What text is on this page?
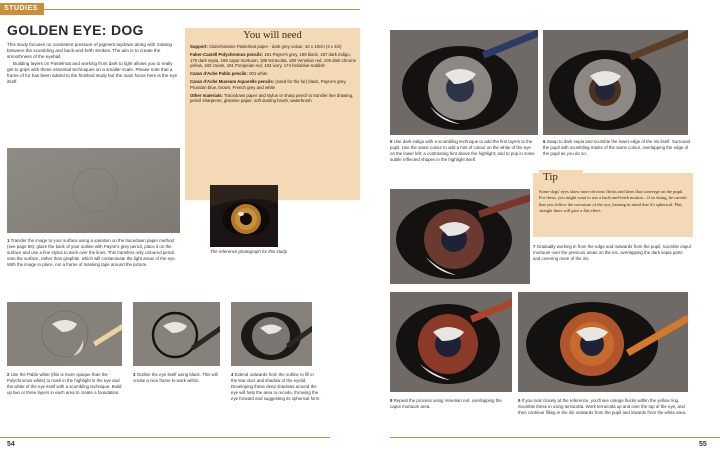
STUDIES
GOLDEN EYE: DOG
This study focuses on consistent pressure of pigment laydown along with rotating between the scumbling and back-and-forth strokes. The aim is to create the smoothness of the eyeball.
Building layers on Pastelmat and working from dark to light allows you to really get to grips with these essential techniques on a smaller scale. Please note that a frame of fur has been added to the finished study but the main focus here is the eye itself.
You will need
Support: Clairefontaine Pastelmat paper - dark grey colour, 10 x 10cm (4 x 4in)
Faber-Castell Polychromos pencils: 181 Payne's grey, 199 black, 157 dark indigo, 175 dark sepia, 169 caput mortuum, 186 terracotta, 190 Venetian red, 109 dark chrome yellow, 182 cream, 191 Pompeian red, 103 ivory, 174 helioblue-reddish
Caran d'Ache Pablo pencils: 001 white
Caran d'Ache Museum Aquarelle pencils: (used for the fur) black, Payne's grey, Prussian blue, brown, French grey and white
Other materials: Tracedown paper and stylus or sharp pencil to transfer line drawing, pencil sharpener, glassine paper, soft dusting brush, waterbrush
The reference photograph for this study.
1 Transfer the image to your surface using a variation on the tracedown paper method (see page 56): glaze the back of your outline with Payne's grey pencil, place it on the surface and use a fine stylus to work over the lines. This transfers only coloured pencil onto the surface, rather than graphite, which will contaminate the light areas of the eye. With the image in place, run a frame of masking tape around the picture.
2 Use the Pablo white (this is more opaque than the Polychromos white) to mark in the highlight in the eye and the white of the eye itself with a scumbling technique. Build up two or three layers in each area to create a foundation.
3 Outline the eye itself using black. This will create a nice frame to work within.
4 Extend outwards from the outline to fill in the tear duct and shadow of the eyelid. Developing these deep shadows around the eye will help the area to recede, throwing the eye forward and suggesting its spherical form.
5 Use dark indigo with a scumbling technique to add the first layers to the pupil. Use the same colour to add a hint of colour on the white of the eye on the lower left; a contrasting hint above the highlight; and to pop in some subtle reflected shapes in the highlight itself.
6 Swap to dark sepia and scumble the lower edge of the iris itself. Surround the pupil with scumbling marks of the same colour, overlapping the edge of the pupil as you do so.
7 Gradually working in from the edge and outwards from the pupil, scumble caput mortuum over the previous areas on the iris, overlapping the dark sepia parts and covering more of the iris.
8 Repeat the process using Venetian red, overlapping the caput mortuum area.
9 If you look closely at the reference, you'll see orange flecks within the yellow ring. Scumble these in using terracotta. Work terracotta up and over the top of the eye, and then continue filling in the iris outwards from the pupil and inwards from the white area.
Tip
Some dogs' eyes show more obvious flecks and lines that converge on the pupil. For these, you might want to use a back-and-forth motion – if so doing, be careful that you follow the curvature of the eye, bearing in mind that it's spherical. Flat, straight lines will give a flat effect.
54	55
